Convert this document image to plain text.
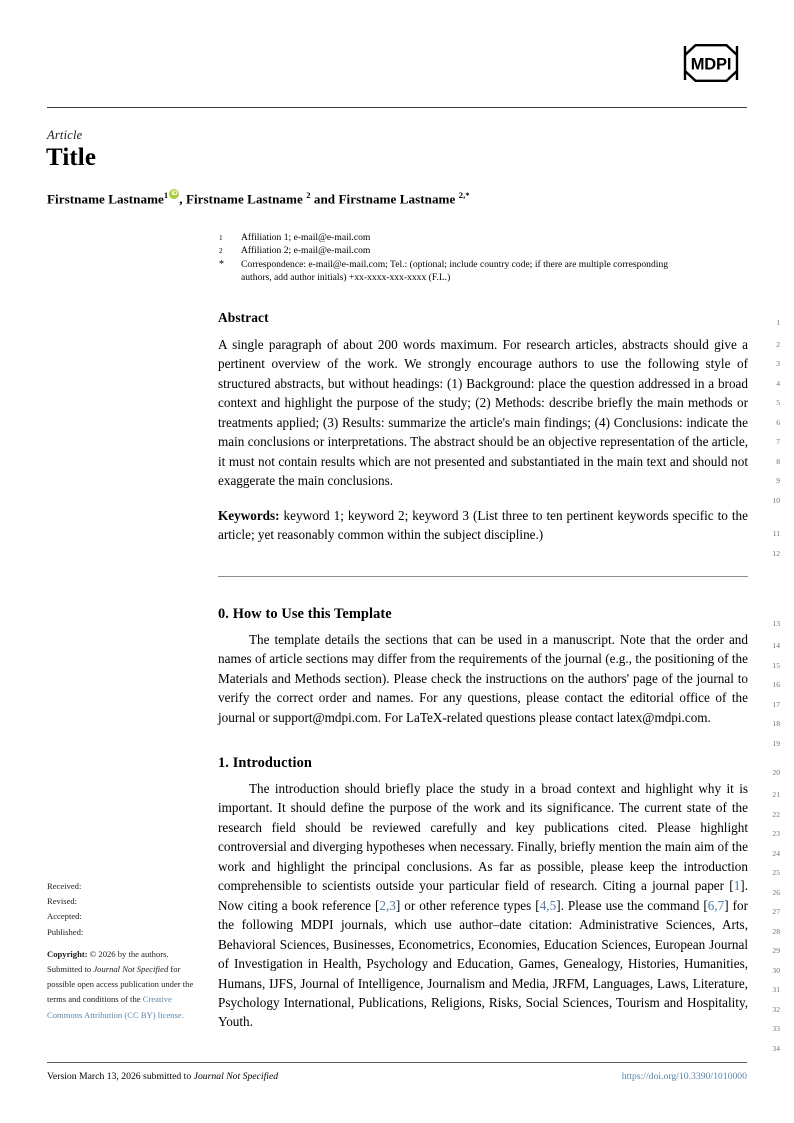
MDPI
Article
Title
Firstname Lastname$^1$ iD , Firstname Lastname $^2$ and Firstname Lastname $^{2,*}$
1	Affiliation 1; e-mail@e-mail.com
2	Affiliation 2; e-mail@e-mail.com
*	Correspondence: e-mail@e-mail.com; Tel.: (optional; include country code; if there are multiple corresponding authors, add author initials) +xx-xxxx-xxx-xxxx (F.L.)
Abstract
A single paragraph of about 200 words maximum. For research articles, abstracts should give a pertinent overview of the work. We strongly encourage authors to use the following style of structured abstracts, but without headings: (1) Background: place the question addressed in a broad context and highlight the purpose of the study; (2) Methods: describe briefly the main methods or treatments applied; (3) Results: summarize the article's main findings; (4) Conclusions: indicate the main conclusions or interpretations. The abstract should be an objective representation of the article, it must not contain results which are not presented and substantiated in the main text and should not exaggerate the main conclusions.
Keywords: keyword 1; keyword 2; keyword 3 (List three to ten pertinent keywords specific to the article; yet reasonably common within the subject discipline.)
0. How to Use this Template
The template details the sections that can be used in a manuscript. Note that the order and names of article sections may differ from the requirements of the journal (e.g., the positioning of the Materials and Methods section). Please check the instructions on the authors' page of the journal to verify the correct order and names. For any questions, please contact the editorial office of the journal or support@mdpi.com. For LaTeX-related questions please contact latex@mdpi.com.
1. Introduction
The introduction should briefly place the study in a broad context and highlight why it is important. It should define the purpose of the work and its significance. The current state of the research field should be reviewed carefully and key publications cited. Please highlight controversial and diverging hypotheses when necessary. Finally, briefly mention the main aim of the work and highlight the principal conclusions. As far as possible, please keep the introduction comprehensible to scientists outside your particular field of research. Citing a journal paper [1]. Now citing a book reference [2,3] or other reference types [4,5]. Please use the command [6,7] for the following MDPI journals, which use author–date citation: Administrative Sciences, Arts, Behavioral Sciences, Businesses, Econometrics, Economies, Education Sciences, European Journal of Investigation in Health, Psychology and Education, Games, Genealogy, Histories, Humanities, Humans, IJFS, Journal of Intelligence, Journalism and Media, JRFM, Languages, Laws, Literature, Psychology International, Publications, Religions, Risks, Social Sciences, Tourism and Hospitality, Youth.
Received:
Revised:
Accepted:
Published:
Copyright: © 2026 by the authors. Submitted to Journal Not Specified for possible open access publication under the terms and conditions of the Creative Commons Attribution (CC BY) license.
1
2
3
4
5
6
7
8
9
10
11
12
13
14
15
16
17
18
19
20
21
22
23
24
25
26
27
28
29
30
31
32
33
34
Version March 13, 2026 submitted to Journal Not Specified	https://doi.org/10.3390/1010000
